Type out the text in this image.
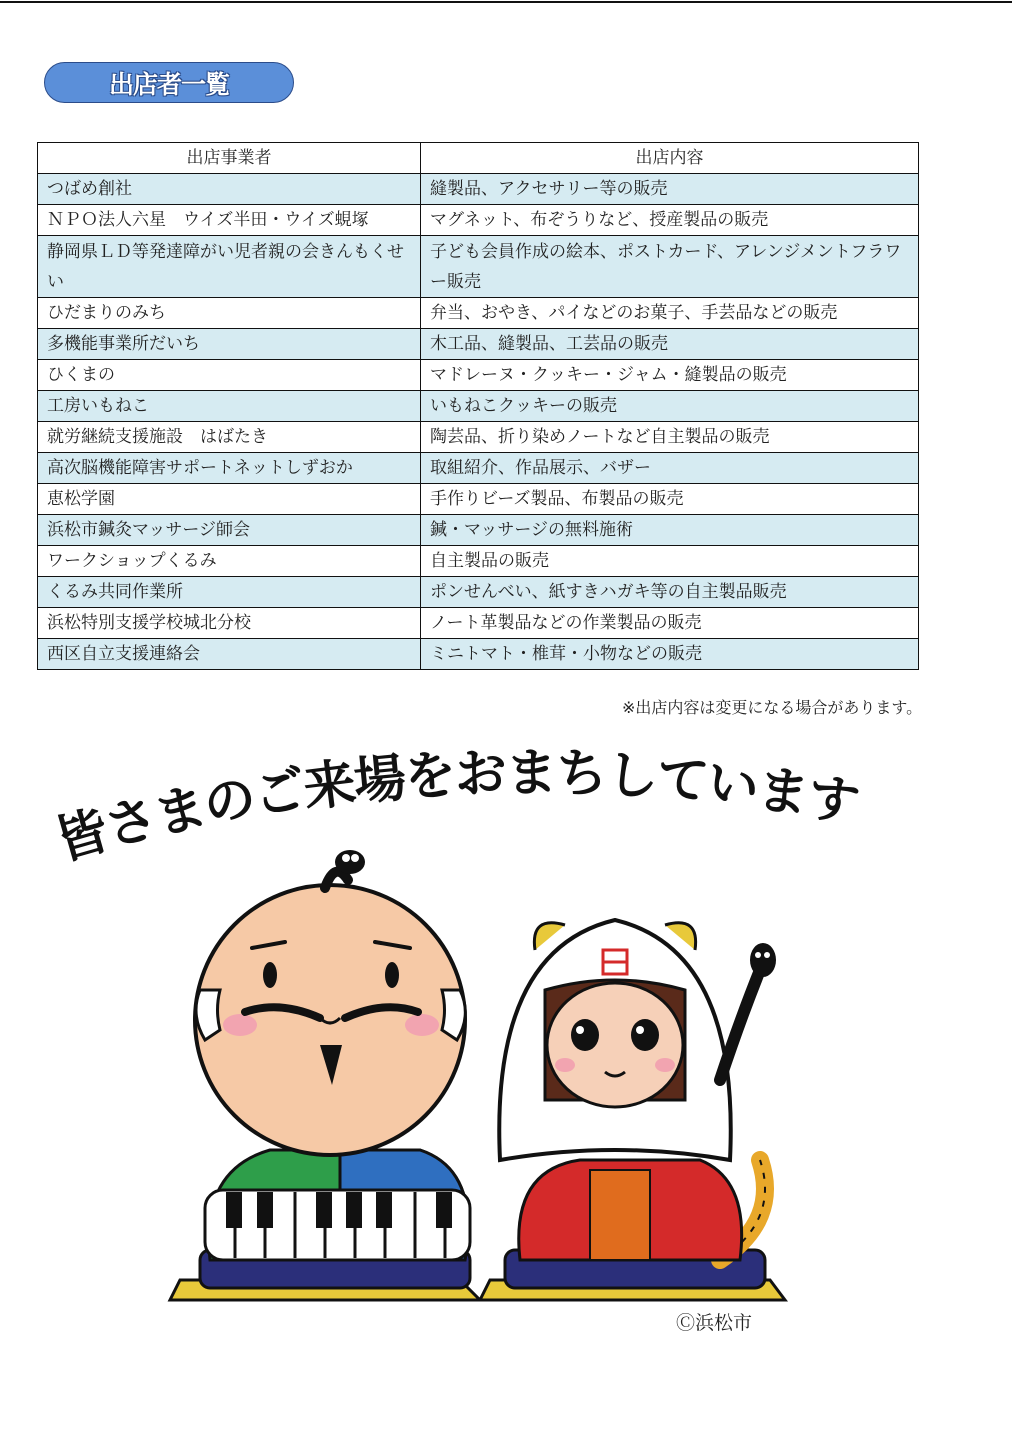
出店者一覧
出店事業者	出店内容
つばめ創社	縫製品、アクセサリー等の販売
ＮＰＯ法人六星　ウイズ半田・ウイズ蜆塚	マグネット、布ぞうりなど、授産製品の販売
静岡県ＬＤ等発達障がい児者親の会きんもくせい	子ども会員作成の絵本、ポストカード、アレンジメントフラワー販売
ひだまりのみち	弁当、おやき、パイなどのお菓子、手芸品などの販売
多機能事業所だいち	木工品、縫製品、工芸品の販売
ひくまの	マドレーヌ・クッキー・ジャム・縫製品の販売
工房いもねこ	いもねこクッキーの販売
就労継続支援施設　はばたき	陶芸品、折り染めノートなど自主製品の販売
高次脳機能障害サポートネットしずおか	取組紹介、作品展示、バザー
恵松学園	手作りビーズ製品、布製品の販売
浜松市鍼灸マッサージ師会	鍼・マッサージの無料施術
ワークショップくるみ	自主製品の販売
くるみ共同作業所	ポンせんべい、紙すきハガキ等の自主製品販売
浜松特別支援学校城北分校	ノート革製品などの作業製品の販売
西区自立支援連絡会	ミニトマト・椎茸・小物などの販売
※出店内容は変更になる場合があります。
皆さまのご来場をおまちしています
Ⓒ浜松市
